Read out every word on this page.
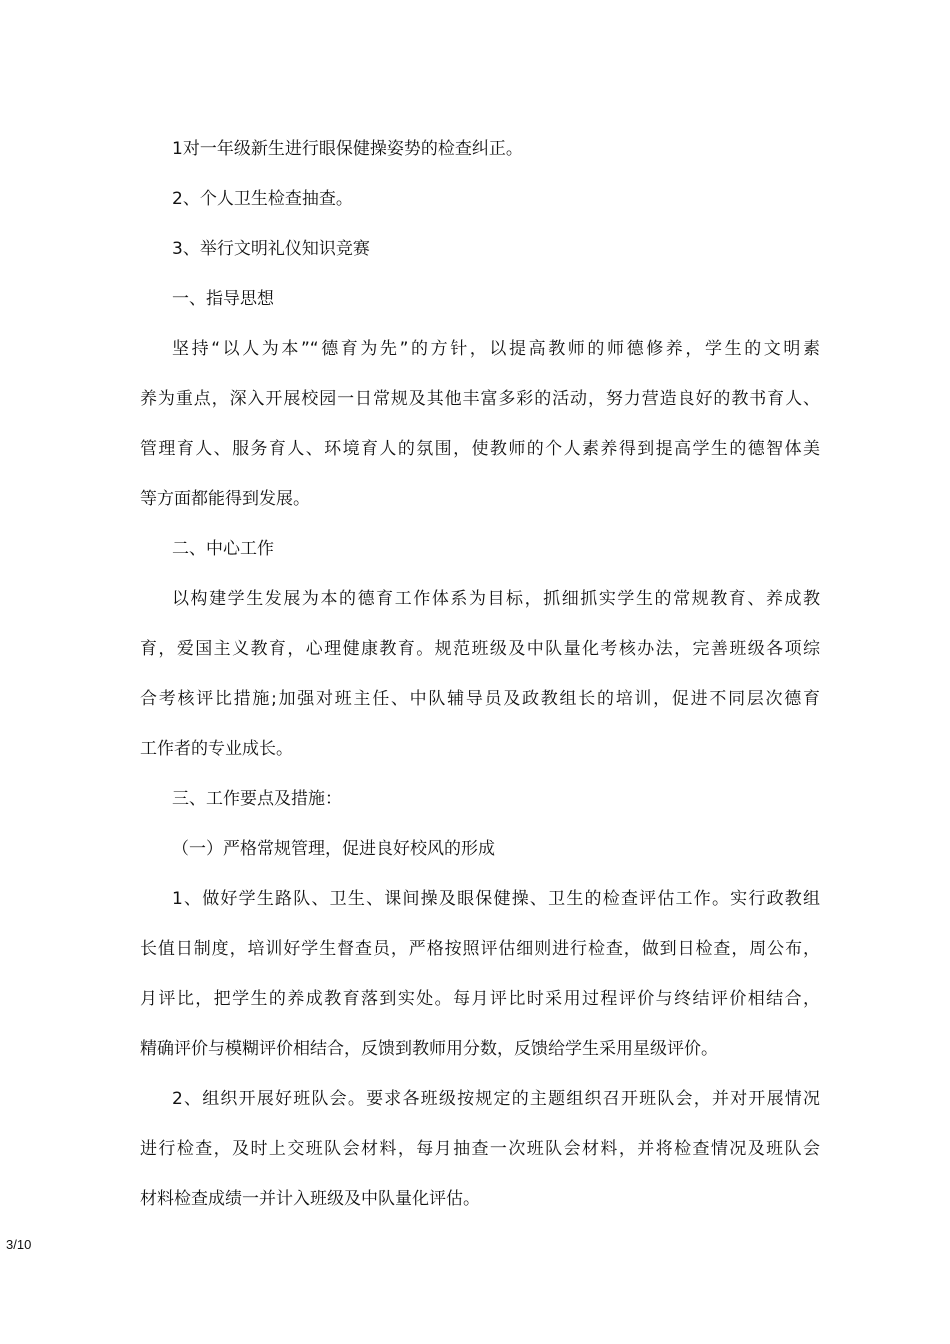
1对一年级新生进行眼保健操姿势的检查纠正。
2、个人卫生检查抽查。
3、举行文明礼仪知识竞赛
一、指导思想
坚持“以人为本”“德育为先”的方针，以提高教师的师德修养，学生的文明素
养为重点，深入开展校园一日常规及其他丰富多彩的活动，努力营造良好的教书育人、
管理育人、服务育人、环境育人的氛围，使教师的个人素养得到提高学生的德智体美
等方面都能得到发展。
二、中心工作
以构建学生发展为本的德育工作体系为目标，抓细抓实学生的常规教育、养成教
育，爱国主义教育，心理健康教育。规范班级及中队量化考核办法，完善班级各项综
合考核评比措施;加强对班主任、中队辅导员及政教组长的培训，促进不同层次德育
工作者的专业成长。
三、工作要点及措施：
（一）严格常规管理，促进良好校风的形成
1、做好学生路队、卫生、课间操及眼保健操、卫生的检查评估工作。实行政教组
长值日制度，培训好学生督查员，严格按照评估细则进行检查，做到日检查，周公布，
月评比，把学生的养成教育落到实处。每月评比时采用过程评价与终结评价相结合，
精确评价与模糊评价相结合，反馈到教师用分数，反馈给学生采用星级评价。
2、组织开展好班队会。要求各班级按规定的主题组织召开班队会，并对开展情况
进行检查，及时上交班队会材料，每月抽查一次班队会材料，并将检查情况及班队会
材料检查成绩一并计入班级及中队量化评估。
3/10
